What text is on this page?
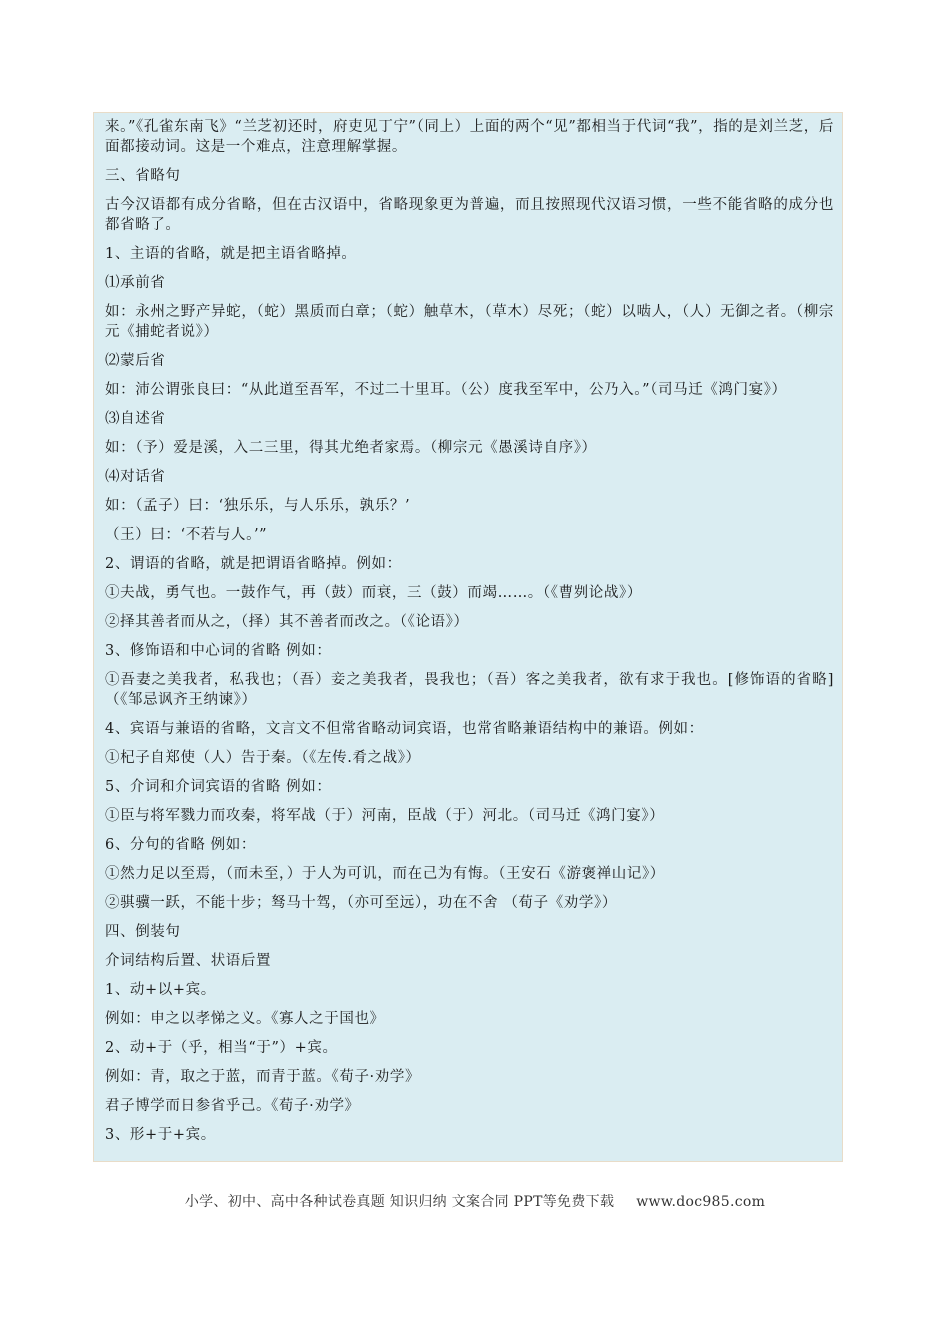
来。”《孔雀东南飞》“兰芝初还时，府吏见丁宁”（同上）上面的两个“见”都相当于代词“我”，指的是刘兰芝，后面都接动词。这是一个难点，注意理解掌握。

三、省略句

古今汉语都有成分省略，但在古汉语中，省略现象更为普遍，而且按照现代汉语习惯，一些不能省略的成分也都省略了。

1、主语的省略，就是把主语省略掉。

⑴承前省

如：永州之野产异蛇，（蛇）黑质而白章；（蛇）触草木，（草木）尽死；（蛇）以啮人，（人）无御之者。（柳宗元《捕蛇者说》）

⑵蒙后省

如：沛公谓张良曰：“从此道至吾军，不过二十里耳。（公）度我至军中，公乃入。”（司马迁《鸿门宴》）

⑶自述省

如：（予）爱是溪，入二三里，得其尤绝者家焉。（柳宗元《愚溪诗自序》）

⑷对话省

如：（孟子）曰：‘独乐乐，与人乐乐，孰乐？’

（王）曰：‘不若与人。’”

2、谓语的省略，就是把谓语省略掉。例如：

①夫战，勇气也。一鼓作气，再（鼓）而衰，三（鼓）而竭……。（《曹刿论战》）

②择其善者而从之，（择）其不善者而改之。（《论语》）

3、修饰语和中心词的省略 例如：

①吾妻之美我者，私我也；（吾）妾之美我者，畏我也；（吾）客之美我者，欲有求于我也。[修饰语的省略] （《邹忌讽齐王纳谏》）

4、宾语与兼语的省略，文言文不但常省略动词宾语，也常省略兼语结构中的兼语。例如：

①杞子自郑使（人）告于秦。（《左传.肴之战》）

5、介词和介词宾语的省略 例如：

①臣与将军戮力而攻秦，将军战（于）河南，臣战（于）河北。（司马迁《鸿门宴》）

6、分句的省略 例如：

①然力足以至焉，（而未至，）于人为可讥，而在己为有悔。（王安石《游褒禅山记》）

②骐骥一跃，不能十步；驽马十驾，（亦可至远），功在不舍 （荀子《劝学》）

四、倒装句

介词结构后置、状语后置

1、动+以+宾。

例如：申之以孝悌之义。《寡人之于国也》

2、动+于（乎，相当“于”）+宾。

例如：青，取之于蓝，而青于蓝。《荀子·劝学》

君子博学而日参省乎己。《荀子·劝学》

3、形+于+宾。

小学、初中、高中各种试卷真题 知识归纳 文案合同 PPT等免费下载 www.doc985.com
